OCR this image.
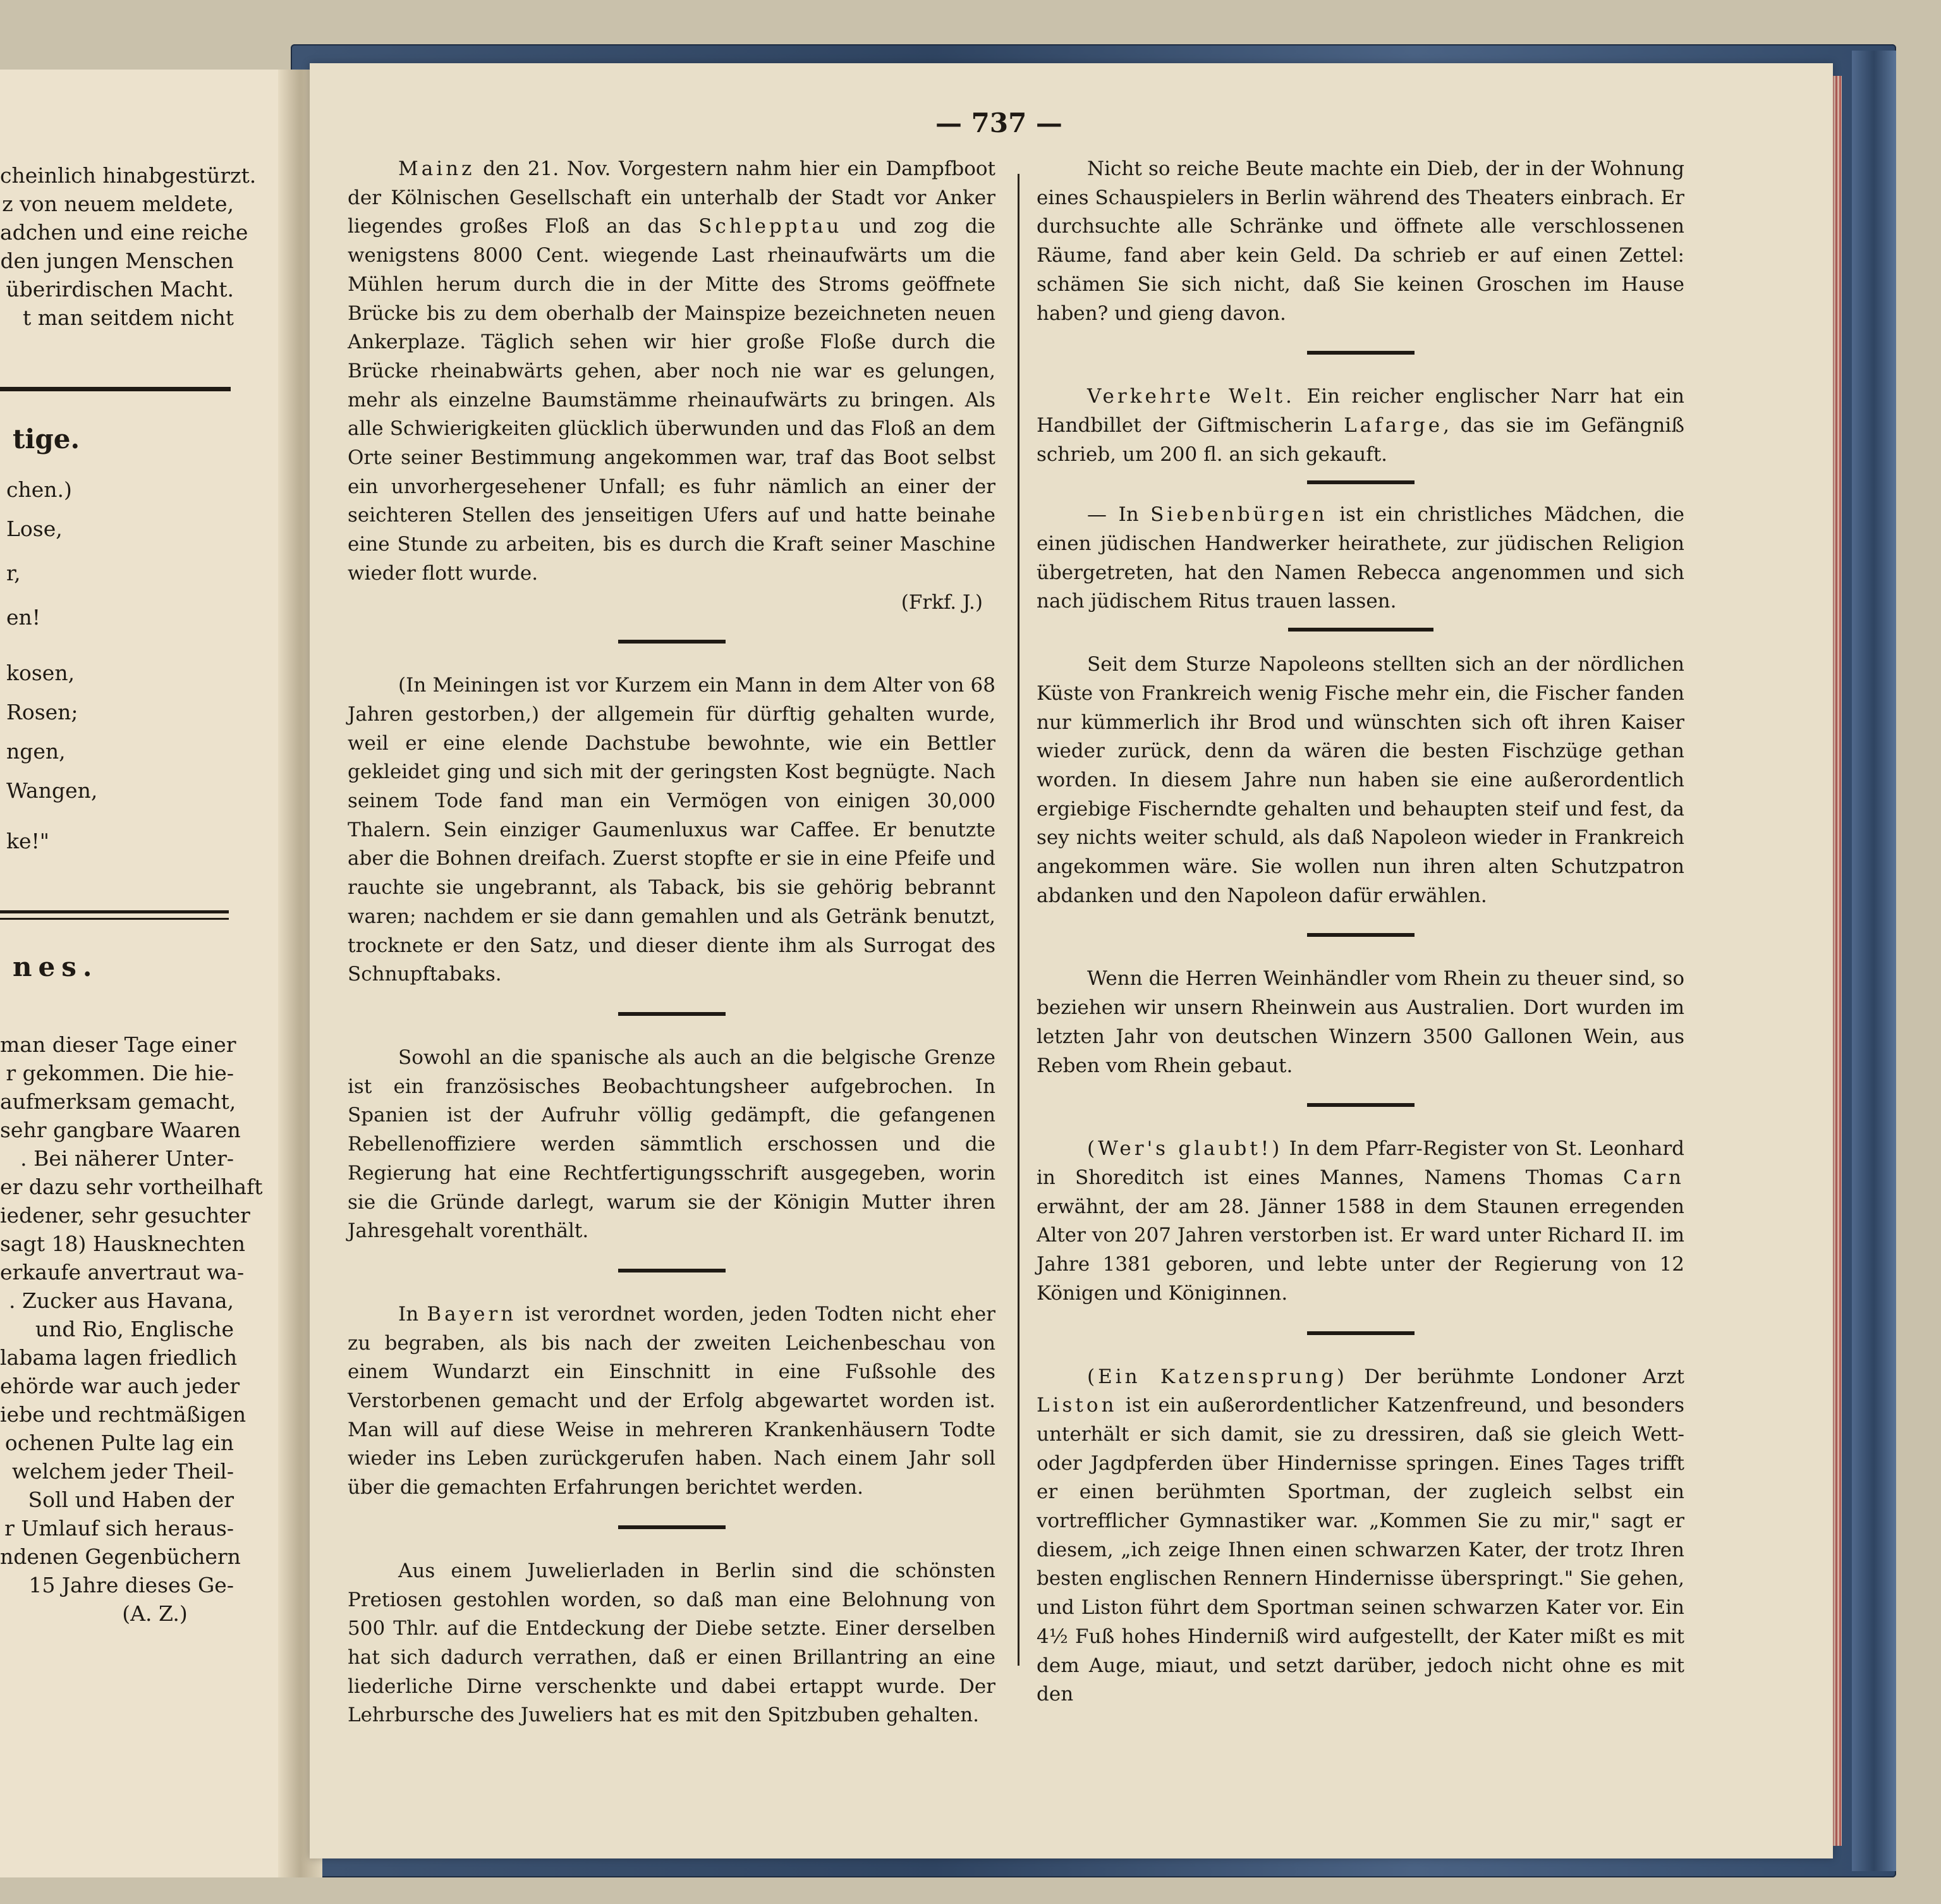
cheinlich hinabgestürzt.
z von neuem meldete,
adchen und eine reiche
den jungen Menschen
überirdischen Macht.
t man seitdem nicht
tige.
chen.)
Lose,
r,
en!
kosen,
Rosen;
ngen,
Wangen,
ke!"
nes.
man dieser Tage einer
r gekommen. Die hie-
aufmerksam gemacht,
sehr gangbare Waaren
. Bei näherer Unter-
er dazu sehr vortheilhaft
iedener, sehr gesuchter
sagt 18) Hausknechten
erkaufe anvertraut wa-
. Zucker aus Havana,
und Rio, Englische
labama lagen friedlich
ehörde war auch jeder
iebe und rechtmäßigen
ochenen Pulte lag ein
welchem jeder Theil-
Soll und Haben der
r Umlauf sich heraus-
ndenen Gegenbüchern
15 Jahre dieses Ge-
(A. Z.)
— 737 —

Mainz den 21. Nov. Vorgestern nahm hier ein Dampfboot der Kölnischen Gesellschaft ein unterhalb der Stadt vor Anker liegendes großes Floß an das Schlepptau und zog die wenigstens 8000 Cent. wiegende Last rheinaufwärts um die Mühlen herum durch die in der Mitte des Stroms geöffnete Brücke bis zu dem oberhalb der Mainspize bezeichneten neuen Ankerplaze. Täglich sehen wir hier große Floße durch die Brücke rheinabwärts gehen, aber noch nie war es gelungen, mehr als einzelne Baumstämme rheinaufwärts zu bringen. Als alle Schwierigkeiten glücklich überwunden und das Floß an dem Orte seiner Bestimmung angekommen war, traf das Boot selbst ein unvorhergesehener Unfall; es fuhr nämlich an einer der seichteren Stellen des jenseitigen Ufers auf und hatte beinahe eine Stunde zu arbeiten, bis es durch die Kraft seiner Maschine wieder flott wurde.

(Frkf. J.)

(In Meiningen ist vor Kurzem ein Mann in dem Alter von 68 Jahren gestorben,) der allgemein für dürftig gehalten wurde, weil er eine elende Dachstube bewohnte, wie ein Bettler gekleidet ging und sich mit der geringsten Kost begnügte. Nach seinem Tode fand man ein Vermögen von einigen 30,000 Thalern. Sein einziger Gaumenluxus war Caffee. Er benutzte aber die Bohnen dreifach. Zuerst stopfte er sie in eine Pfeife und rauchte sie ungebrannt, als Taback, bis sie gehörig bebrannt waren; nachdem er sie dann gemahlen und als Getränk benutzt, trocknete er den Satz, und dieser diente ihm als Surrogat des Schnupftabaks.

Sowohl an die spanische als auch an die belgische Grenze ist ein französisches Beobachtungsheer aufgebrochen. In Spanien ist der Aufruhr völlig gedämpft, die gefangenen Rebellenoffiziere werden sämmtlich erschossen und die Regierung hat eine Rechtfertigungsschrift ausgegeben, worin sie die Gründe darlegt, warum sie der Königin Mutter ihren Jahresgehalt vorenthält.

In Bayern ist verordnet worden, jeden Todten nicht eher zu begraben, als bis nach der zweiten Leichenbeschau von einem Wundarzt ein Einschnitt in eine Fußsohle des Verstorbenen gemacht und der Erfolg abgewartet worden ist. Man will auf diese Weise in mehreren Krankenhäusern Todte wieder ins Leben zurückgerufen haben. Nach einem Jahr soll über die gemachten Erfahrungen berichtet werden.

Aus einem Juwelierladen in Berlin sind die schönsten Pretiosen gestohlen worden, so daß man eine Belohnung von 500 Thlr. auf die Entdeckung der Diebe setzte. Einer derselben hat sich dadurch verrathen, daß er einen Brillantring an eine liederliche Dirne verschenkte und dabei ertappt wurde. Der Lehrbursche des Juweliers hat es mit den Spitzbuben gehalten.

Nicht so reiche Beute machte ein Dieb, der in der Wohnung eines Schauspielers in Berlin während des Theaters einbrach. Er durchsuchte alle Schränke und öffnete alle verschlossenen Räume, fand aber kein Geld. Da schrieb er auf einen Zettel: schämen Sie sich nicht, daß Sie keinen Groschen im Hause haben? und gieng davon.

Verkehrte Welt. Ein reicher englischer Narr hat ein Handbillet der Giftmischerin Lafarge, das sie im Gefängniß schrieb, um 200 fl. an sich gekauft.

— In Siebenbürgen ist ein christliches Mädchen, die einen jüdischen Handwerker heirathete, zur jüdischen Religion übergetreten, hat den Namen Rebecca angenommen und sich nach jüdischem Ritus trauen lassen.

Seit dem Sturze Napoleons stellten sich an der nördlichen Küste von Frankreich wenig Fische mehr ein, die Fischer fanden nur kümmerlich ihr Brod und wünschten sich oft ihren Kaiser wieder zurück, denn da wären die besten Fischzüge gethan worden. In diesem Jahre nun haben sie eine außerordentlich ergiebige Fischerndte gehalten und behaupten steif und fest, da sey nichts weiter schuld, als daß Napoleon wieder in Frankreich angekommen wäre. Sie wollen nun ihren alten Schutzpatron abdanken und den Napoleon dafür erwählen.

Wenn die Herren Weinhändler vom Rhein zu theuer sind, so beziehen wir unsern Rheinwein aus Australien. Dort wurden im letzten Jahr von deutschen Winzern 3500 Gallonen Wein, aus Reben vom Rhein gebaut.

(Wer's glaubt!) In dem Pfarr-Register von St. Leonhard in Shoreditch ist eines Mannes, Namens Thomas Carn erwähnt, der am 28. Jänner 1588 in dem Staunen erregenden Alter von 207 Jahren verstorben ist. Er ward unter Richard II. im Jahre 1381 geboren, und lebte unter der Regierung von 12 Königen und Königinnen.

(Ein Katzensprung) Der berühmte Londoner Arzt Liston ist ein außerordentlicher Katzenfreund, und besonders unterhält er sich damit, sie zu dressiren, daß sie gleich Wett- oder Jagdpferden über Hindernisse springen. Eines Tages trifft er einen berühmten Sportman, der zugleich selbst ein vortrefflicher Gymnastiker war. „Kommen Sie zu mir," sagt er diesem, „ich zeige Ihnen einen schwarzen Kater, der trotz Ihren besten englischen Rennern Hindernisse überspringt." Sie gehen, und Liston führt dem Sportman seinen schwarzen Kater vor. Ein 4½ Fuß hohes Hinderniß wird aufgestellt, der Kater mißt es mit dem Auge, miaut, und setzt darüber, jedoch nicht ohne es mit den
